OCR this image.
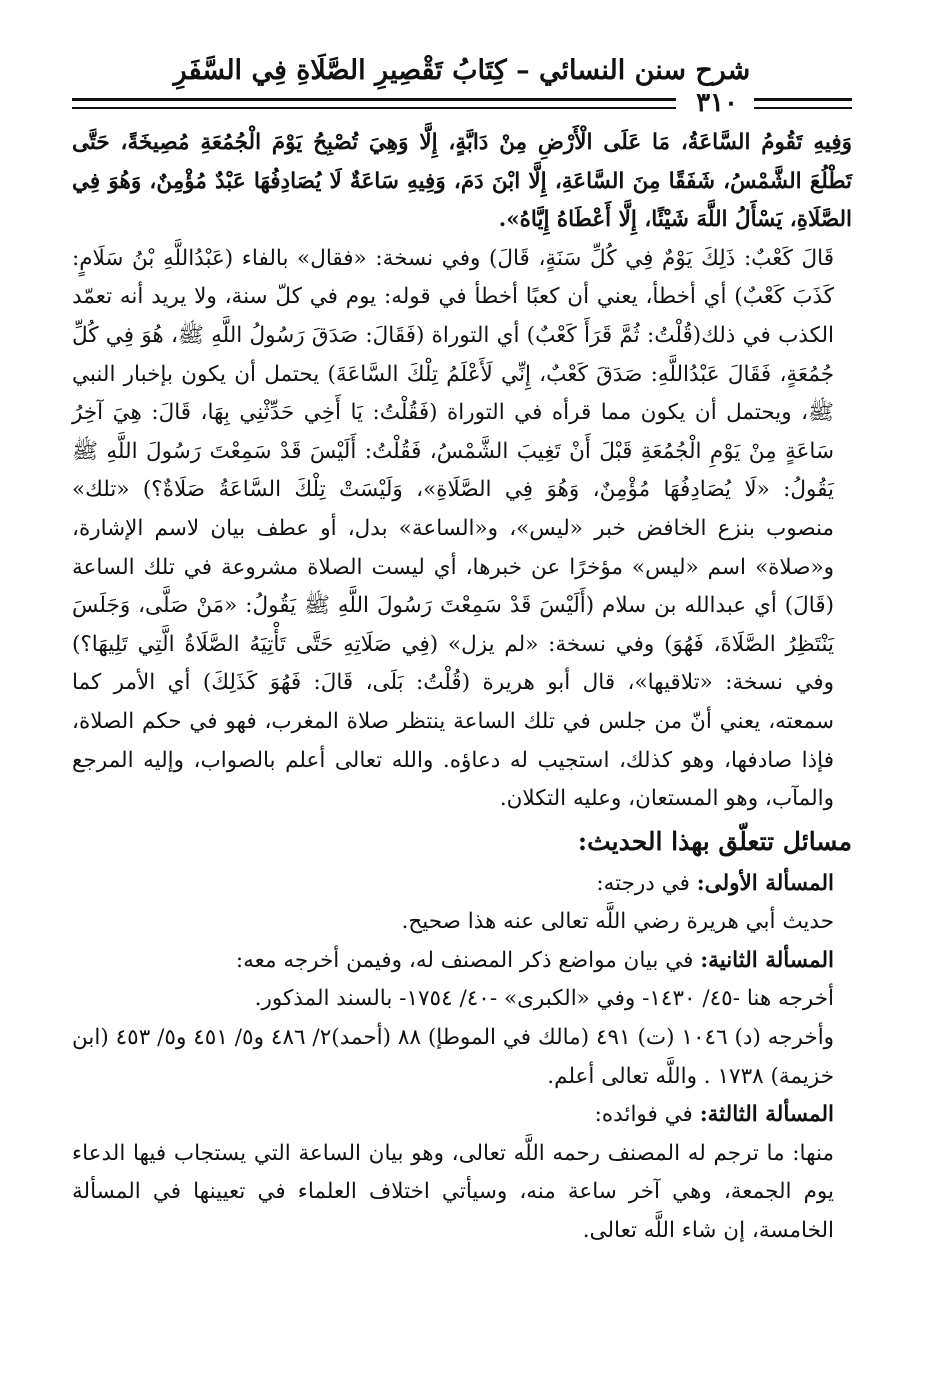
شرح سنن النسائي – كِتَابُ تَقْصِيرِ الصَّلَاةِ فِي السَّفَرِ
٣١٠

وَفِيهِ تَقُومُ السَّاعَةُ، مَا عَلَى الْأَرْضِ مِنْ دَابَّةٍ، إِلَّا وَهِيَ تُصْبِحُ يَوْمَ الْجُمُعَةِ مُصِيخَةً، حَتَّى تَطْلُعَ الشَّمْسُ، شَفَقًا مِنَ السَّاعَةِ، إِلَّا ابْنَ دَمَ، وَفِيهِ سَاعَةٌ لَا يُصَادِفُهَا عَبْدٌ مُؤْمِنٌ، وَهُوَ فِي الصَّلَاةِ، يَسْأَلُ اللَّهَ شَيْئًا، إِلَّا أَعْطَاهُ إِيَّاهُ».

قَالَ كَعْبٌ: ذَلِكَ يَوْمٌ فِي كُلِّ سَنَةٍ، قَالَ) وفي نسخة: «فقال» بالفاء (عَبْدُاللَّهِ بْنُ سَلَامٍ: كَذَبَ كَعْبٌ) أي أخطأ، يعني أن كعبًا أخطأ في قوله: يوم في كلّ سنة، ولا يريد أنه تعمّد الكذب في ذلك(قُلْتُ: ثُمَّ قَرَأَ كَعْبٌ) أي التوراة (فَقَالَ: صَدَقَ رَسُولُ اللَّهِ ﷺ، هُوَ فِي كُلِّ جُمُعَةٍ، فَقَالَ عَبْدُاللَّهِ: صَدَقَ كَعْبٌ، إِنِّي لَأَعْلَمُ تِلْكَ السَّاعَةَ) يحتمل أن يكون بإخبار النبي ﷺ، ويحتمل أن يكون مما قرأه في التوراة (فَقُلْتُ: يَا أَخِي حَدِّثْنِي بِهَا، قَالَ: هِيَ آخِرُ سَاعَةٍ مِنْ يَوْمِ الْجُمُعَةِ قَبْلَ أَنْ تَغِيبَ الشَّمْسُ، فَقُلْتُ: أَلَيْسَ قَدْ سَمِعْتَ رَسُولَ اللَّهِ ﷺ يَقُولُ: «لَا يُصَادِفُهَا مُؤْمِنٌ، وَهُوَ فِي الصَّلَاةِ»، وَلَيْسَتْ تِلْكَ السَّاعَةُ صَلَاةٌ؟) «تلك» منصوب بنزع الخافض خبر «ليس»، و«الساعة» بدل، أو عطف بيان لاسم الإشارة، و«صلاة» اسم «ليس» مؤخرًا عن خبرها، أي ليست الصلاة مشروعة في تلك الساعة (قَالَ) أي عبدالله بن سلام (أَلَيْسَ قَدْ سَمِعْتَ رَسُولَ اللَّهِ ﷺ يَقُولُ: «مَنْ صَلَّى، وَجَلَسَ يَنْتَظِرُ الصَّلَاةَ، فَهُوَ) وفي نسخة: «لم يزل» (فِي صَلَاتِهِ حَتَّى تَأْتِيَهُ الصَّلَاةُ الَّتِي تَلِيهَا؟) وفي نسخة: «تلاقيها»، قال أبو هريرة (قُلْتُ: بَلَى، قَالَ: فَهُوَ كَذَلِكَ) أي الأمر كما سمعته، يعني أنّ من جلس في تلك الساعة ينتظر صلاة المغرب، فهو في حكم الصلاة، فإذا صادفها، وهو كذلك، استجيب له دعاؤه. والله تعالى أعلم بالصواب، وإليه المرجع والمآب، وهو المستعان، وعليه التكلان.

مسائل تتعلّق بهذا الحديث:

المسألة الأولى: في درجته:

حديث أبي هريرة رضي اللَّه تعالى عنه هذا صحيح.

المسألة الثانية: في بيان مواضع ذكر المصنف له، وفيمن أخرجه معه:

أخرجه هنا -٤٥/ ١٤٣٠- وفي «الكبرى» -٤٠/ ١٧٥٤- بالسند المذكور.

وأخرجه (د) ١٠٤٦ (ت) ٤٩١ (مالك في الموطإ) ٨٨ (أحمد)٢/ ٤٨٦ و٥/ ٤٥١ و٥/ ٤٥٣ (ابن خزيمة) ١٧٣٨ . واللَّه تعالى أعلم.

المسألة الثالثة: في فوائده:

منها: ما ترجم له المصنف رحمه اللَّه تعالى، وهو بيان الساعة التي يستجاب فيها الدعاء يوم الجمعة، وهي آخر ساعة منه، وسيأتي اختلاف العلماء في تعيينها في المسألة الخامسة، إن شاء اللَّه تعالى.
